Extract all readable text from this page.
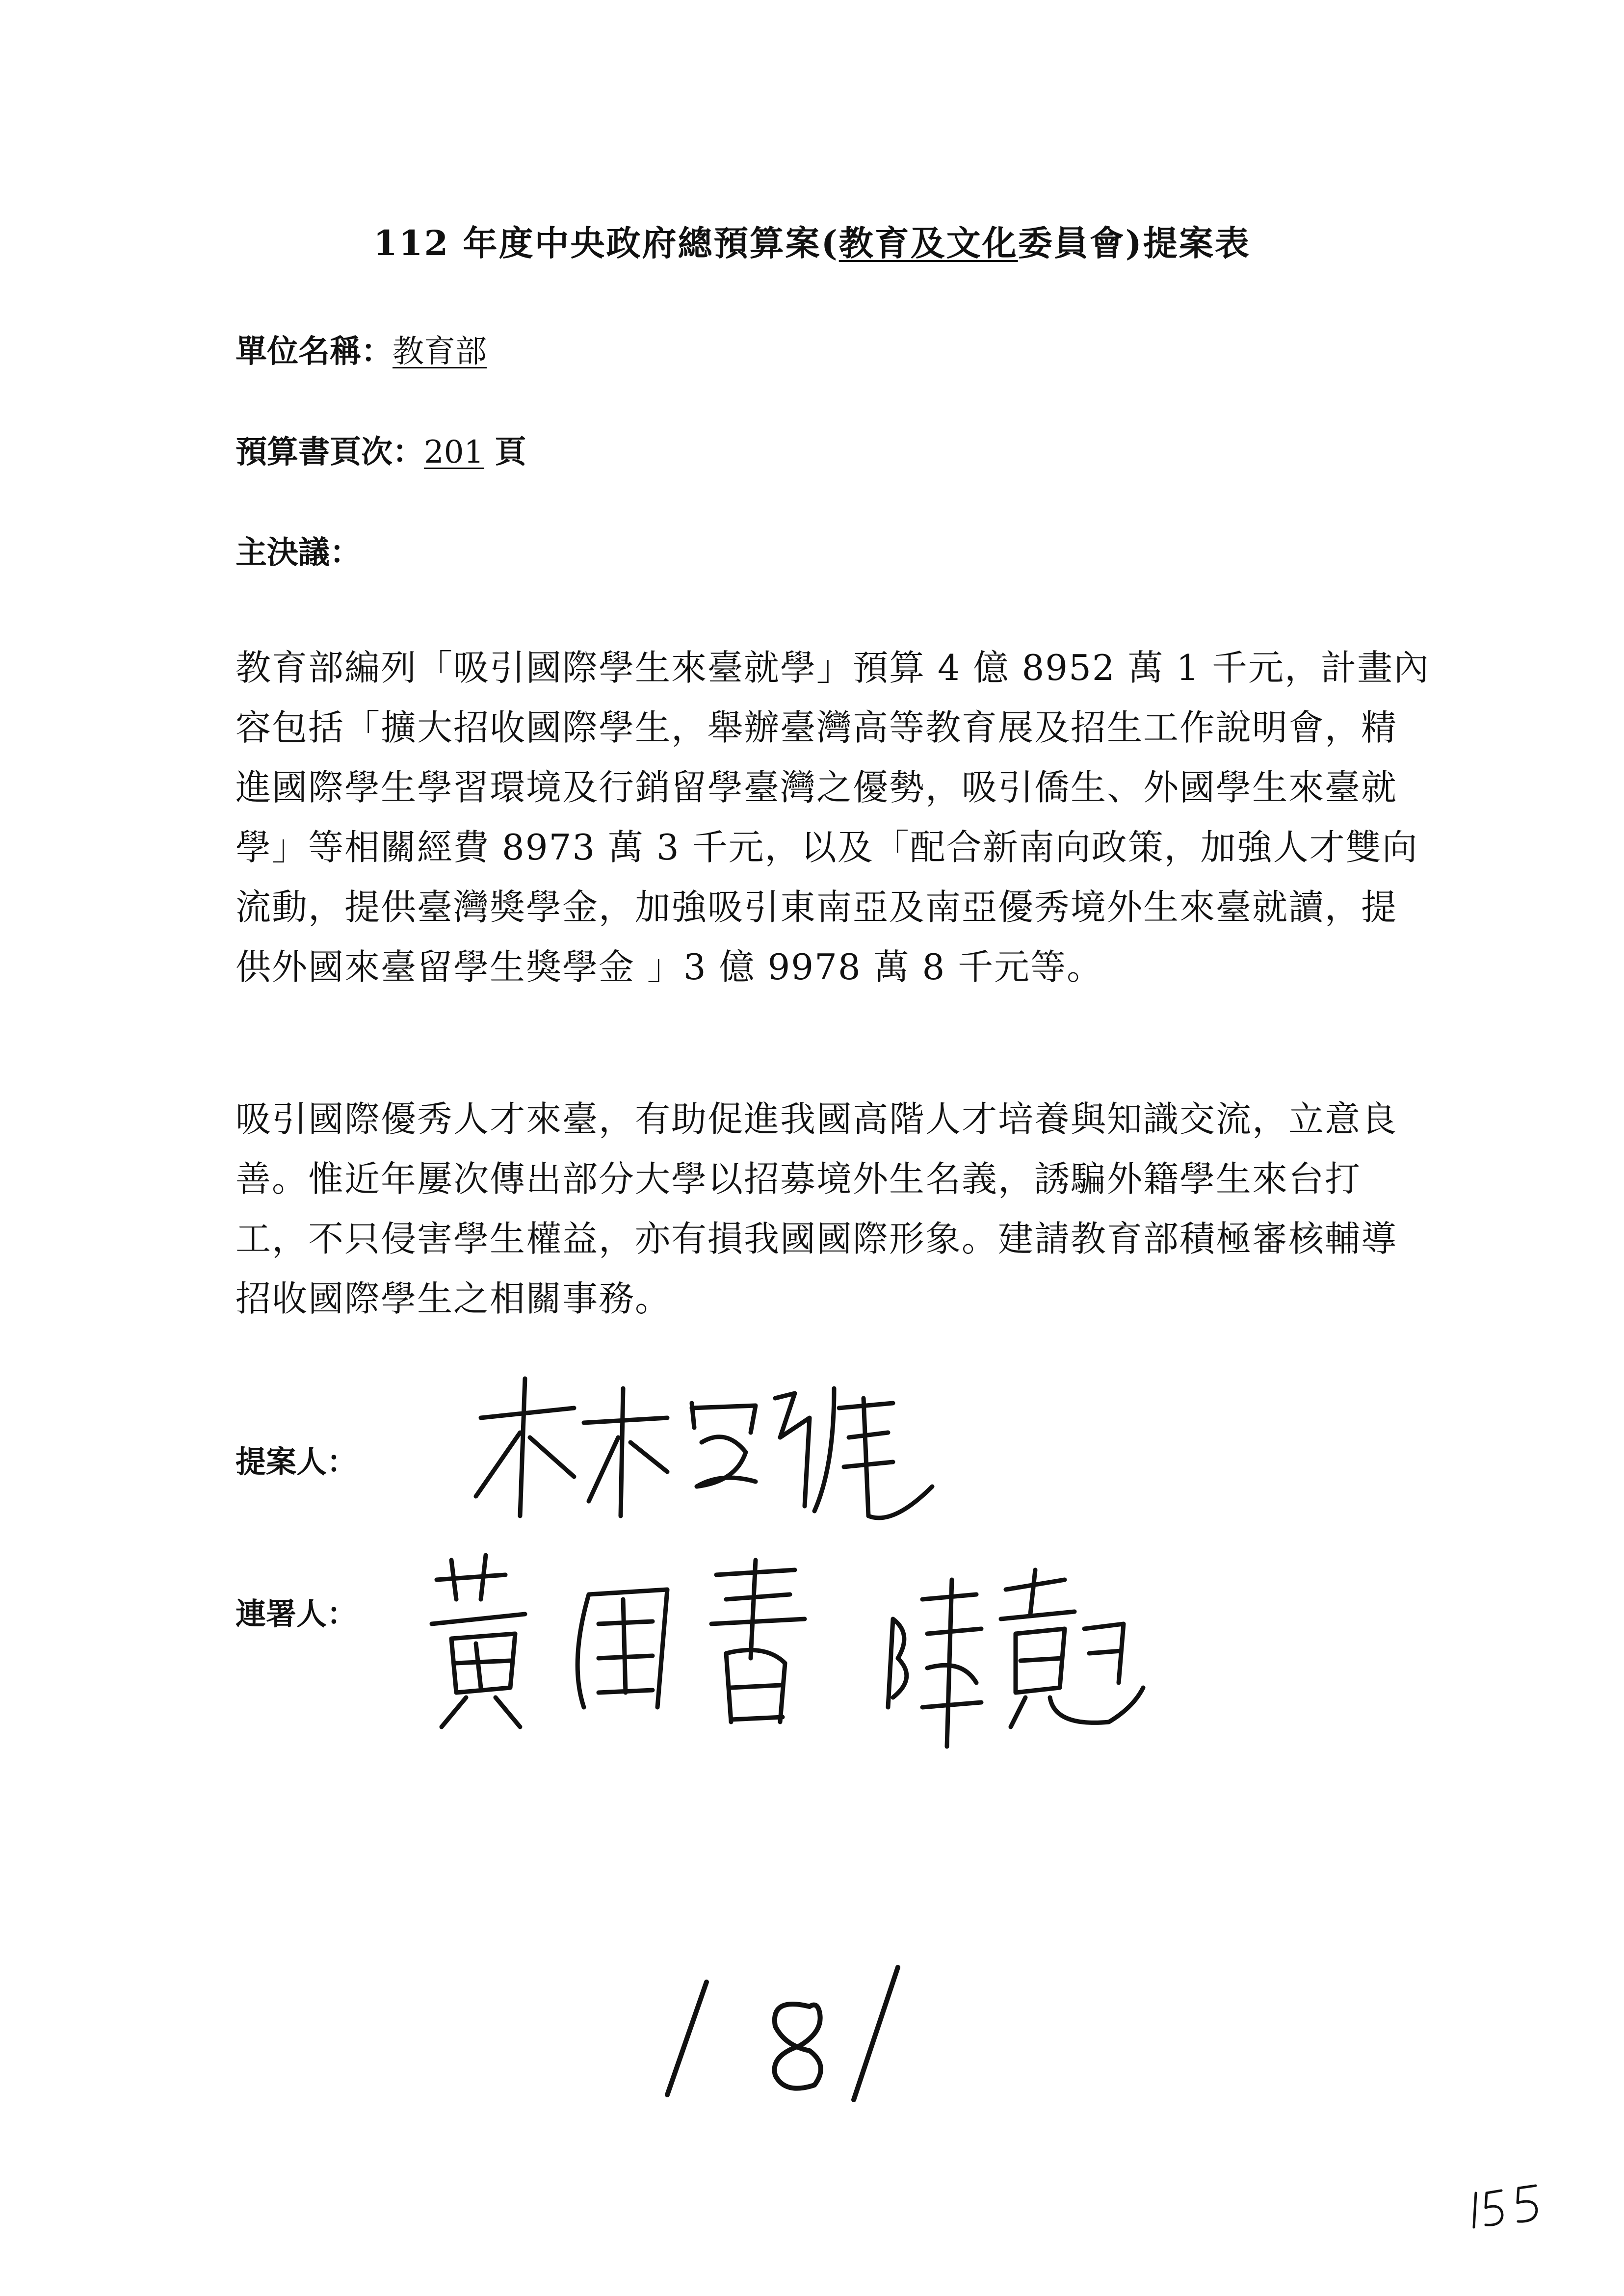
112 年度中央政府總預算案(教育及文化委員會)提案表
單位名稱：教育部
預算書頁次：201 頁
主決議：
教育部編列「吸引國際學生來臺就學」預算 4 億 8952 萬 1 千元，計畫內容包括「擴大招收國際學生，舉辦臺灣高等教育展及招生工作說明會，精進國際學生學習環境及行銷留學臺灣之優勢，吸引僑生、外國學生來臺就學」等相關經費 8973 萬 3 千元，以及「配合新南向政策，加強人才雙向流動，提供臺灣獎學金，加強吸引東南亞及南亞優秀境外生來臺就讀，提供外國來臺留學生獎學金 」3 億 9978 萬 8 千元等。
吸引國際優秀人才來臺，有助促進我國高階人才培養與知識交流，立意良善。惟近年屢次傳出部分大學以招募境外生名義，誘騙外籍學生來台打工，不只侵害學生權益，亦有損我國國際形象。建請教育部積極審核輔導招收國際學生之相關事務。
提案人：
連署人：
